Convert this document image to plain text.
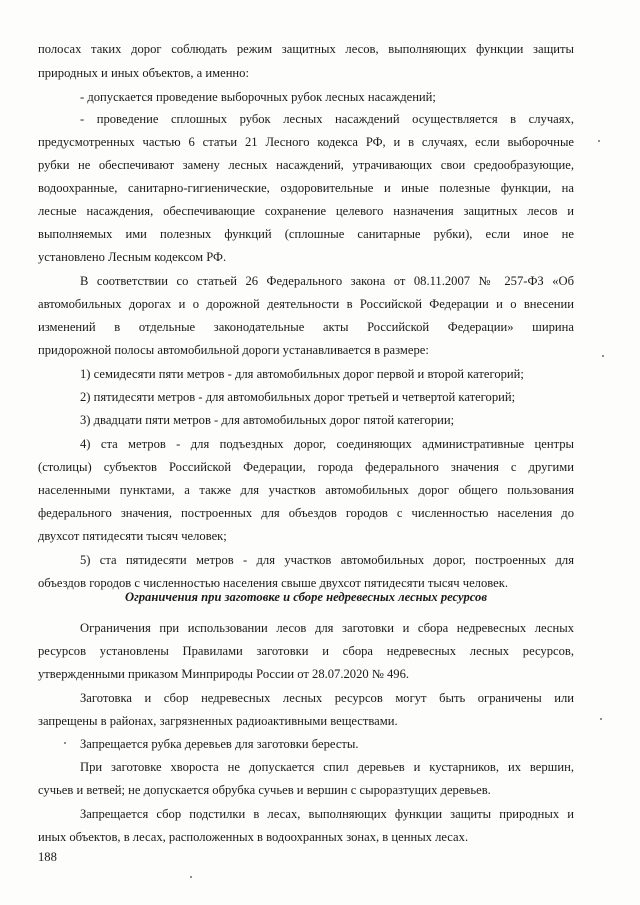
полосах таких дорог соблюдать режим защитных лесов, выполняющих функции защиты
природных и иных объектов, а именно:
- допускается проведение выборочных рубок лесных насаждений;
- проведение сплошных рубок лесных насаждений осуществляется в случаях,
предусмотренных частью 6 статьи 21 Лесного кодекса РФ, и в случаях, если выборочные
рубки не обеспечивают замену лесных насаждений, утрачивающих свои средообразующие,
водоохранные, санитарно-гигиенические, оздоровительные и иные полезные функции, на
лесные насаждения, обеспечивающие сохранение целевого назначения защитных лесов и
выполняемых ими полезных функций (сплошные санитарные рубки), если иное не
установлено Лесным кодексом РФ.
В соответствии со статьей 26 Федерального закона от 08.11.2007 № 257-ФЗ «Об
автомобильных дорогах и о дорожной деятельности в Российской Федерации и о внесении
изменений в отдельные законодательные акты Российской Федерации» ширина
придорожной полосы автомобильной дороги устанавливается в размере:
1) семидесяти пяти метров - для автомобильных дорог первой и второй категорий;
2) пятидесяти метров - для автомобильных дорог третьей и четвертой категорий;
3) двадцати пяти метров - для автомобильных дорог пятой категории;
4) ста метров - для подъездных дорог, соединяющих административные центры
(столицы) субъектов Российской Федерации, города федерального значения с другими
населенными пунктами, а также для участков автомобильных дорог общего пользования
федерального значения, построенных для объездов городов с численностью населения до
двухсот пятидесяти тысяч человек;
5) ста пятидесяти метров - для участков автомобильных дорог, построенных для
объездов городов с численностью населения свыше двухсот пятидесяти тысяч человек.
Ограничения при заготовке и сборе недревесных лесных ресурсов
Ограничения при использовании лесов для заготовки и сбора недревесных лесных
ресурсов установлены Правилами заготовки и сбора недревесных лесных ресурсов,
утвержденными приказом Минприроды России от 28.07.2020 № 496.
Заготовка и сбор недревесных лесных ресурсов могут быть ограничены или
запрещены в районах, загрязненных радиоактивными веществами.
Запрещается рубка деревьев для заготовки бересты.
При заготовке хвороста не допускается спил деревьев и кустарников, их вершин,
сучьев и ветвей; не допускается обрубка сучьев и вершин с сыроразтущих деревьев.
Запрещается сбор подстилки в лесах, выполняющих функции защиты природных и
иных объектов, в лесах, расположенных в водоохранных зонах, в ценных лесах.
188
